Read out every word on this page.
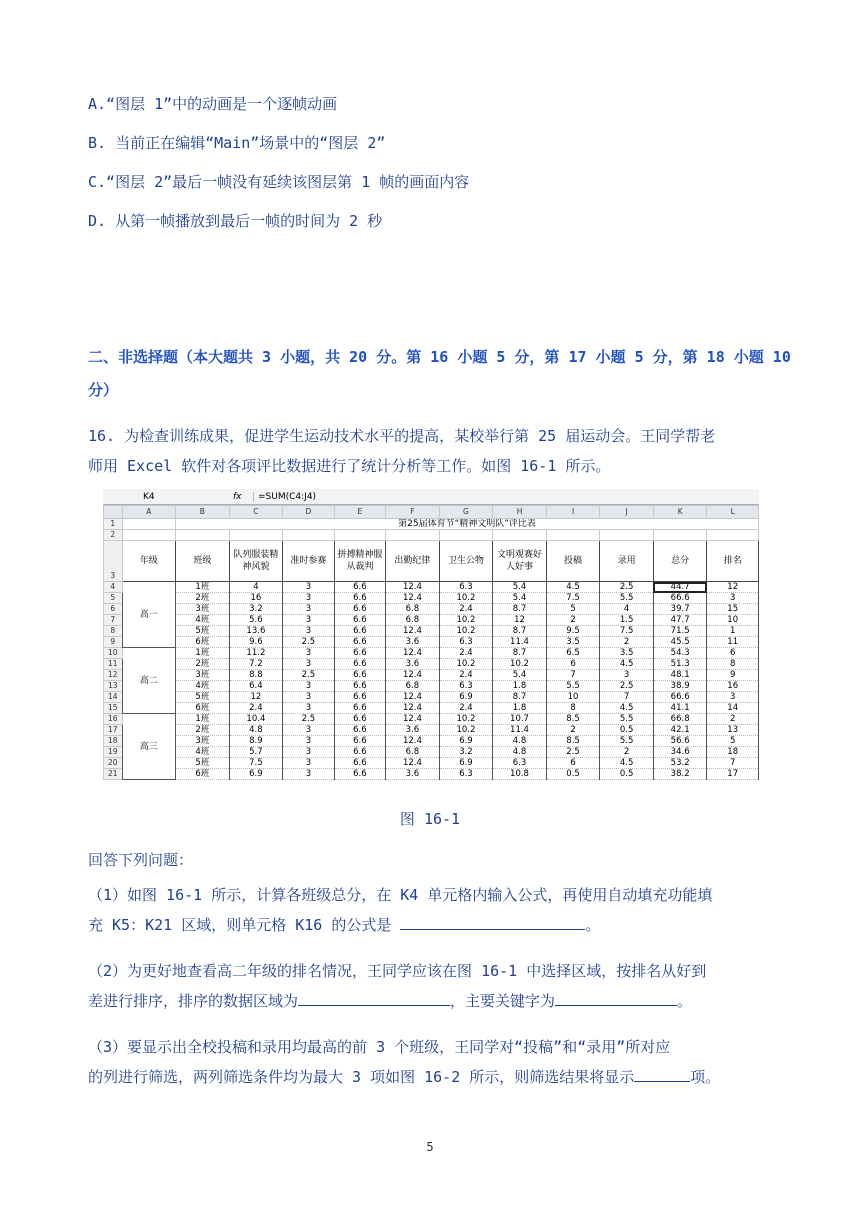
A.“图层 1”中的动画是一个逐帧动画
B. 当前正在编辑“Main”场景中的“图层 2”
C.“图层 2”最后一帧没有延续该图层第 1 帧的画面内容
D. 从第一帧播放到最后一帧的时间为 2 秒
二、非选择题（本大题共 3 小题，共 20 分。第 16 小题 5 分，第 17 小题 5 分，第 18 小题 10
分）
16. 为检查训练成果，促进学生运动技术水平的提高，某校举行第 25 届运动会。王同学帮老
师用 Excel 软件对各项评比数据进行了统计分析等工作。如图 16-1 所示。
K4	fx	=SUM(C4:J4)
	A	B	C	D	E	F	G	H	I	J	K	L
1		第25届体育节“精神文明队”评比表										
2												
3	年级	班级	队列服装精神风貌	准时参赛	拼搏精神服从裁判	出勤纪律	卫生公物	文明观赛好人好事	投稿	录用	总分	排名
4	高一	1班	4	3	6.6	12.4	6.3	5.4	4.5	2.5	44.7	12
5		2班	16	3	6.6	12.4	10.2	5.4	7.5	5.5	66.6	3
6		3班	3.2	3	6.6	6.8	2.4	8.7	5	4	39.7	15
7		4班	5.6	3	6.6	6.8	10.2	12	2	1.5	47.7	10
8		5班	13.6	3	6.6	12.4	10.2	8.7	9.5	7.5	71.5	1
9		6班	9.6	2.5	6.6	3.6	6.3	11.4	3.5	2	45.5	11
10	高二	1班	11.2	3	6.6	12.4	2.4	8.7	6.5	3.5	54.3	6
11		2班	7.2	3	6.6	3.6	10.2	10.2	6	4.5	51.3	8
12		3班	8.8	2.5	6.6	12.4	2.4	5.4	7	3	48.1	9
13		4班	6.4	3	6.6	6.8	6.3	1.8	5.5	2.5	38.9	16
14		5班	12	3	6.6	12.4	6.9	8.7	10	7	66.6	3
15		6班	2.4	3	6.6	12.4	2.4	1.8	8	4.5	41.1	14
16	高三	1班	10.4	2.5	6.6	12.4	10.2	10.7	8.5	5.5	66.8	2
17		2班	4.8	3	6.6	3.6	10.2	11.4	2	0.5	42.1	13
18		3班	8.9	3	6.6	12.4	6.9	4.8	8.5	5.5	56.6	5
19		4班	5.7	3	6.6	6.8	3.2	4.8	2.5	2	34.6	18
20		5班	7.5	3	6.6	12.4	6.9	6.3	6	4.5	53.2	7
21		6班	6.9	3	6.6	3.6	6.3	10.8	0.5	0.5	38.2	17
图 16-1
回答下列问题：
（1）如图 16-1 所示，计算各班级总分，在 K4 单元格内输入公式，再使用自动填充功能填
充 K5：K21 区域，则单元格 K16 的公式是	。
（2）为更好地查看高二年级的排名情况，王同学应该在图 16-1 中选择区域，按排名从好到
差进行排序，排序的数据区域为	，主要关键字为	。
（3）要显示出全校投稿和录用均最高的前 3 个班级，王同学对“投稿”和“录用”所对应
的列进行筛选，两列筛选条件均为最大 3 项如图 16-2 所示，则筛选结果将显示	项。
5
